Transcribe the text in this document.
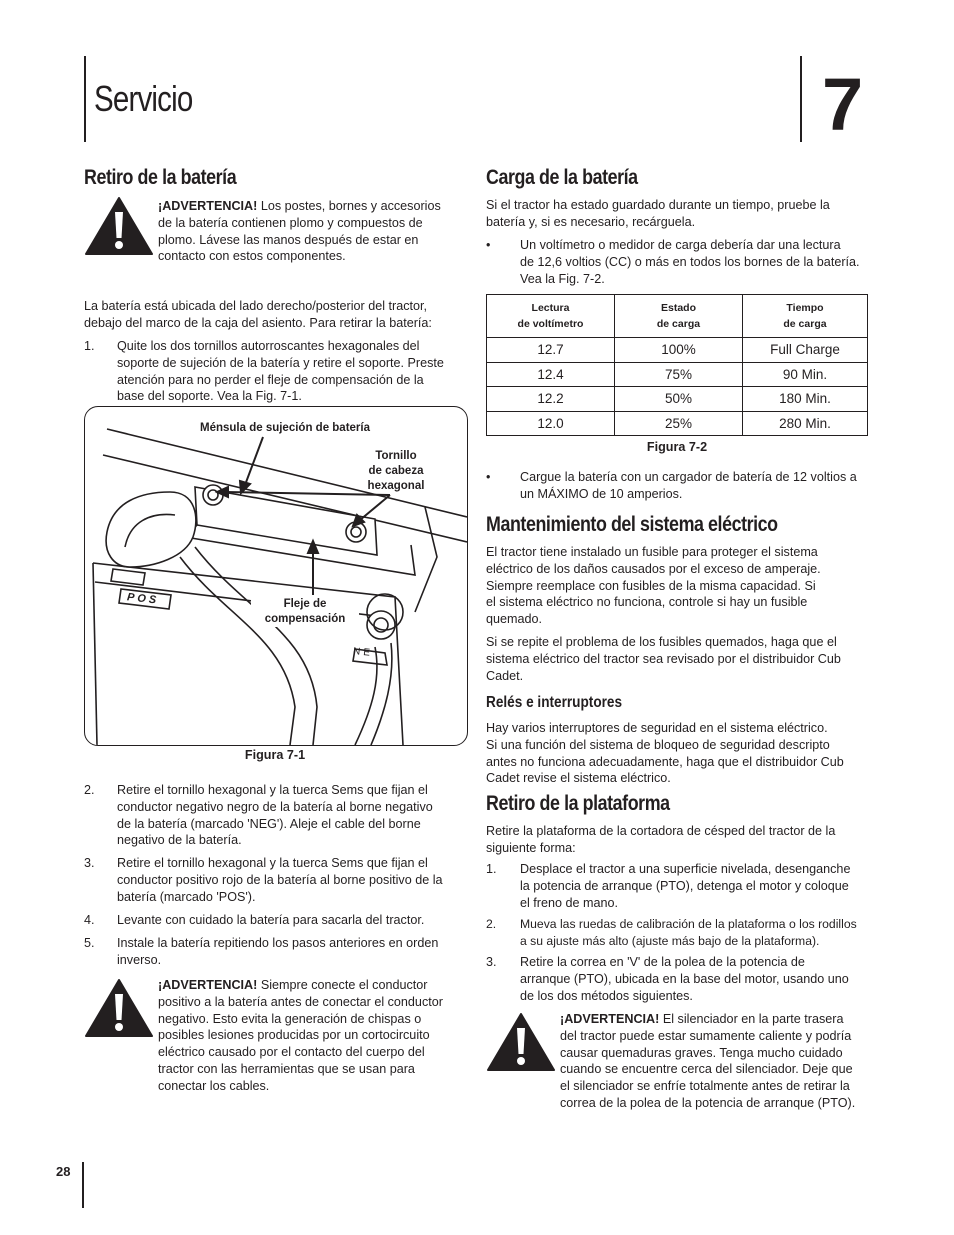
Servicio	7
Retiro de la batería
¡ADVERTENCIA! Los postes, bornes y accesorios
de la batería contienen plomo y compuestos de
plomo. Lávese las manos después de estar en
contacto con estos componentes.
La batería está ubicada del lado derecho/posterior del tractor,
debajo del marco de la caja del asiento. Para retirar la batería:
1. Quite los dos tornillos autorroscantes hexagonales del
soporte de sujeción de la batería y retire el soporte. Preste
atención para no perder el fleje de compensación de la
base del soporte. Vea la Fig. 7-1.
Ménsula de sujeción de batería
Tornillo
de cabeza
hexagonal
Fleje de
compensación
POS
NE
Figura 7-1
2. Retire el tornillo hexagonal y la tuerca Sems que fijan el
conductor negativo negro de la batería al borne negativo
de la batería (marcado 'NEG'). Aleje el cable del borne
negativo de la batería.
3. Retire el tornillo hexagonal y la tuerca Sems que fijan el
conductor positivo rojo de la batería al borne positivo de la
batería (marcado 'POS').
4. Levante con cuidado la batería para sacarla del tractor.
5. Instale la batería repitiendo los pasos anteriores en orden
inverso.
¡ADVERTENCIA! Siempre conecte el conductor
positivo a la batería antes de conectar el conductor
negativo. Esto evita la generación de chispas o
posibles lesiones producidas por un cortocircuito
eléctrico causado por el contacto del cuerpo del
tractor con las herramientas que se usan para
conectar los cables.
Carga de la batería
Si el tractor ha estado guardado durante un tiempo, pruebe la
batería y, si es necesario, recárguela.
• Un voltímetro o medidor de carga debería dar una lectura
de 12,6 voltios (CC) o más en todos los bornes de la batería.
Vea la Fig. 7-2.
Lectura
de voltímetro	Estado
de carga	Tiempo
de carga
12.7	100%	Full Charge
12.4	75%	90 Min.
12.2	50%	180 Min.
12.0	25%	280 Min.
Figura 7-2
• Cargue la batería con un cargador de batería de 12 voltios a
un MÁXIMO de 10 amperios.
Mantenimiento del sistema eléctrico
El tractor tiene instalado un fusible para proteger el sistema
eléctrico de los daños causados por el exceso de amperaje.
Siempre reemplace con fusibles de la misma capacidad. Si
el sistema eléctrico no funciona, controle si hay un fusible
quemado.
Si se repite el problema de los fusibles quemados, haga que el
sistema eléctrico del tractor sea revisado por el distribuidor Cub
Cadet.
Relés e interruptores
Hay varios interruptores de seguridad en el sistema eléctrico.
Si una función del sistema de bloqueo de seguridad descripto
antes no funciona adecuadamente, haga que el distribuidor Cub
Cadet revise el sistema eléctrico.
Retiro de la plataforma
Retire la plataforma de la cortadora de césped del tractor de la
siguiente forma:
1. Desplace el tractor a una superficie nivelada, desenganche
la potencia de arranque (PTO), detenga el motor y coloque
el freno de mano.
2. Mueva las ruedas de calibración de la plataforma o los rodillos
a su ajuste más alto (ajuste más bajo de la plataforma).
3. Retire la correa en 'V' de la polea de la potencia de
arranque (PTO), ubicada en la base del motor, usando uno
de los dos métodos siguientes.
¡ADVERTENCIA! El silenciador en la parte trasera
del tractor puede estar sumamente caliente y podría
causar quemaduras graves. Tenga mucho cuidado
cuando se encuentre cerca del silenciador. Deje que
el silenciador se enfríe totalmente antes de retirar la
correa de la polea de la potencia de arranque (PTO).
28
